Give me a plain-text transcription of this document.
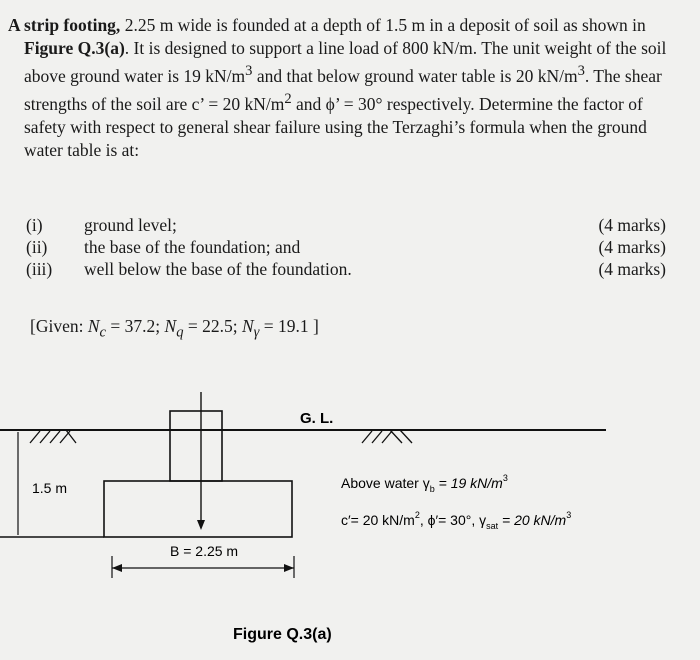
A strip footing, 2.25 m wide is founded at a depth of 1.5 m in a deposit of soil as shown in Figure Q.3(a). It is designed to support a line load of 800 kN/m. The unit weight of the soil above ground water is 19 $kN/m^3$ and that below ground water table is 20 $kN/m^3$. The shear strengths of the soil are c’ = 20 $kN/m^2$ and ϕ’ = 30° respectively. Determine the factor of safety with respect to general shear failure using the Terzaghi’s formula when the ground water table is at:

(i)	ground level;	(4 marks)
(ii)	the base of the foundation; and	(4 marks)
(iii)	well below the base of the foundation.	(4 marks)
[Given: $N_c = 37.2$; $N_q = 22.5$; $N_\gamma = 19.1$ ]
1.5 m
B = 2.25 m
G. L.
Above water $\gamma_b = 19$ $kN/m^3$
c′= 20 $kN/m^2$, ϕ′= 30°, $\gamma_{sat} = 20$ $kN/m^3$
Figure Q.3(a)
